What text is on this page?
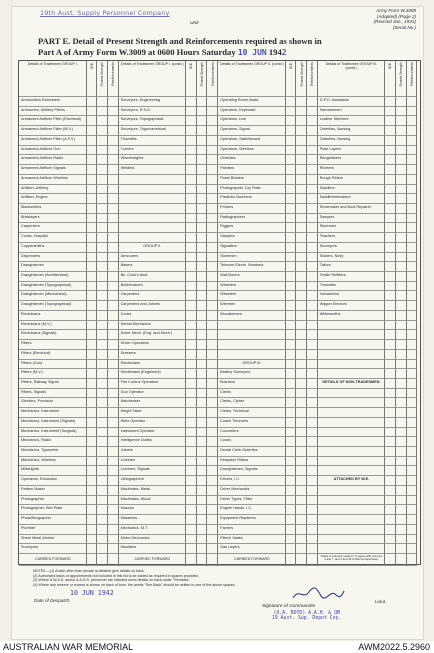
19th Aust. Supply Personnel Company
Unit
Army Form W.3009
(Adapted) (Page 2)
(Revised Jan., 1941)
(Serial No.)
PART E. Detail of Present Strength and Reinforcements required as shown in
Part A of Army Form W.3009 at 0600 Hours Saturday 10 JUN 1942
Details of Tradesmen GROUP I.	W.E.	Posted Strength	Reinforcements
Ammunition Examiners
Armourers, Artillery Fitters
Armament Artificer Fitter (Electrical)
Armament Artificer Fitter (M.V.)
Armament Artificer Fitter (A.F.V.)
Armament Artificer Gun
Armament Artificer Radio
Armament Artificer Signals
Armament Artificer Wireless
Artificer, Artillery
Artificer, Engine
Blacksmiths
Bricklayers
Carpenters
Cooks, Hospital
Coppersmiths
Dispensers
Draughtsmen
Draughtsmen (Architectural)
Draughtsmen (Topographical)
Draughtsmen (Mechanical)
Draughtsmen (Topographical)
Electricians
Electricians (M.V.)
Electricians (Signals)
Fitters
Fitters (Electrical)
Fitters (Gun)
Fitters (M.V.)
Fitters, Railway Signal
Fitters, Signals
Grinders, Precision
Mechanics, Instrument
Mechanics, Instrument (Signals)
Mechanics, Instrument (Surgical)
Mechanics, Radio
Mechanics, Typewriter
Mechanics, Wireless
Millwrights
Operators, Excavator
Pattern Maker
Photographer
Photographer, Wet Plate
Photolithographer
Plumber
Sheet Metal Worker
Surveyors
CARRIED FORWARD
Details of Tradesmen GROUP I. (contd.)	W.E.	Posted Strength	Reinforcements
Surveyors, Engineering
Surveyors, R.S.A.
Surveyors, Topographical
Surveyors, Trigonometrical
Tinsmiths
Turners
Wheelwrights
Welders
GROUP II.
Armourers
Bakers
Bn. Cook's Asst.
Boilermakers
Carpenters
Carpenters and Joiners
Cooks
Dental Mechanics
Driver Mech. (Eng. and Mech.)
Driver-Operators
Dressers
Electricians
Electricians (Engineers)
Fire Control Operators
Gun Operator
Hairdresser
Height Taker
Helio Operator
Instrument Operator
Intelligence Duties
Joiners
Linemen
Linemen, Signals
Lithographers
Machinists, Metal
Machinists, Wood
Masons
Masseurs
Mechanics, M.T.
Motor Mechanics
Moulders
CARRIED FORWARD
Details of Tradesmen GROUP II. (contd.)	W.E.	Posted Strength	Reinforcements
Operating Room Assts.
Operators, Keyboard
Operators, Line
Operators, Signal
Operators, Switchboard
Operators, Wireless
Orderlies
Painters
Panel Beaters
Photographer, Dry Plate
Predictor Numbers
Printers
Radiographers
Riggers
Sawyers
Signallers
Storemen
Telecom Electn. Numbers
Wall Borers
Wheelers
Wheelers
Wiremen
Woodturners
GROUP III.
Battery Surveyors
Butchers
Clerks
Clerks, Cipher
Clerks, Technical
Coach Trimmers
Concreters
Cooks
Dental Clerk Orderlies
Despatch Riders
Draughtsmen, Signals
Drivers, I.C.
Driver Mechanics
Driver Types, Fitter
Engine Hands, I.C.
Equipment Repairers
Farriers
Fitters' Mates
Gas Layers
CARRIED FORWARD
Details of Tradesmen GROUP III. (contd.)	W.E.	Posted Strength	Reinforcements
G.P.O. Assistants
Hammermen
Leather Stitchers
Orderlies, Nursing
Orderlies, Nursing
Plate Layers
Rangetakers
Riveters
Rough Riders
Saddlers
Saddletreemakers
Shoemaker and Boot Repairer
Sawyers
Storemen
Teachers
Surveyors
Stokers, Navy
Tailors
Textile Refitters
Tinsmiths
Vulcanizers
Wagon Erectors
Whitesmiths
DETAILS OF NON-TRADESMEN.
ATTACHED BY W.E.
Totals of columns marked * to agree with columns 4 and 7, and 2 and 10 of Part A respectively.
NOTES.—(1) A task other than private is detailed give details on back.
(2) Authorized tasks or appointments not included in this list to be added as required in spaces provided.
(3) Where A.W.A.S. and/or A.A.N.S. personnel are included show details on back under "Remarks."
(4) Where any reserve or excess is shown on back of form, the words "See Back" should be written in one of the above spaces.
10 JUN 1942
Date of Despatch
Signature of Commander
Lieut.
(O.A. BOYD) A.A.H. & QM
19 Aust. Sup. Depot Coy.
AUSTRALIAN WAR MEMORIAL	AWM2022.5.2960
